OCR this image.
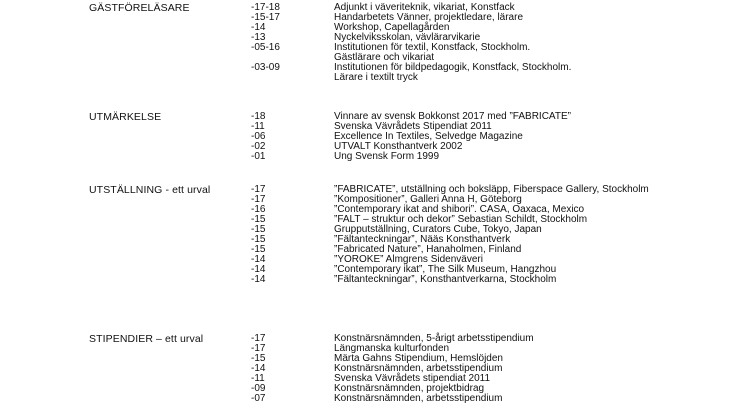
GÄSTFÖRELÄSARE	-17-18	Adjunkt i väveriteknik, vikariat, Konstfack
-15-17	Handarbetets Vänner, projektledare, lärare
-14	Workshop, Capellagården
-13	Nyckelviksskolan, vävlärarvikarie
-05-16	Institutionen för textil, Konstfack, Stockholm.
Gästlärare och vikariat
-03-09	Institutionen för bildpedagogik, Konstfack, Stockholm.
Lärare i textilt tryck
UTMÄRKELSE	-18	Vinnare av svensk Bokkonst 2017 med ”FABRICATE”
-11	Svenska Vävrådets Stipendiat 2011
-06	Excellence In Textiles, Selvedge Magazine
-02	UTVALT Konsthantverk 2002
-01	Ung Svensk Form 1999
UTSTÄLLNING - ett urval	-17	”FABRICATE”, utställning och boksläpp, Fiberspace Gallery, Stockholm
-17	”Kompositioner”, Galleri Anna H, Göteborg
-16	”Contemporary ikat and shibori”. CASA, Oaxaca, Mexico
-15	”FALT – struktur och dekor” Sebastian Schildt, Stockholm
-15	Grupputställning, Curators Cube, Tokyo, Japan
-15	”Fältanteckningar”, Nääs Konsthantverk
-15	”Fabricated Nature”, Hanaholmen, Finland
-14	”YOROKE” Almgrens Sidenväveri
-14	”Contemporary ikat”, The Silk Museum, Hangzhou
-14	”Fältanteckningar”, Konsthantverkarna, Stockholm
STIPENDIER – ett urval	-17	Konstnärsnämnden, 5-årigt arbetsstipendium
-17	Längmanska kulturfonden
-15	Märta Gahns Stipendium, Hemslöjden
-14	Konstnärsnämnden, arbetsstipendium
-11	Svenska Vävrådets stipendiat 2011
-09	Konstnärsnämnden, projektbidrag
-07	Konstnärsnämnden, arbetsstipendium
